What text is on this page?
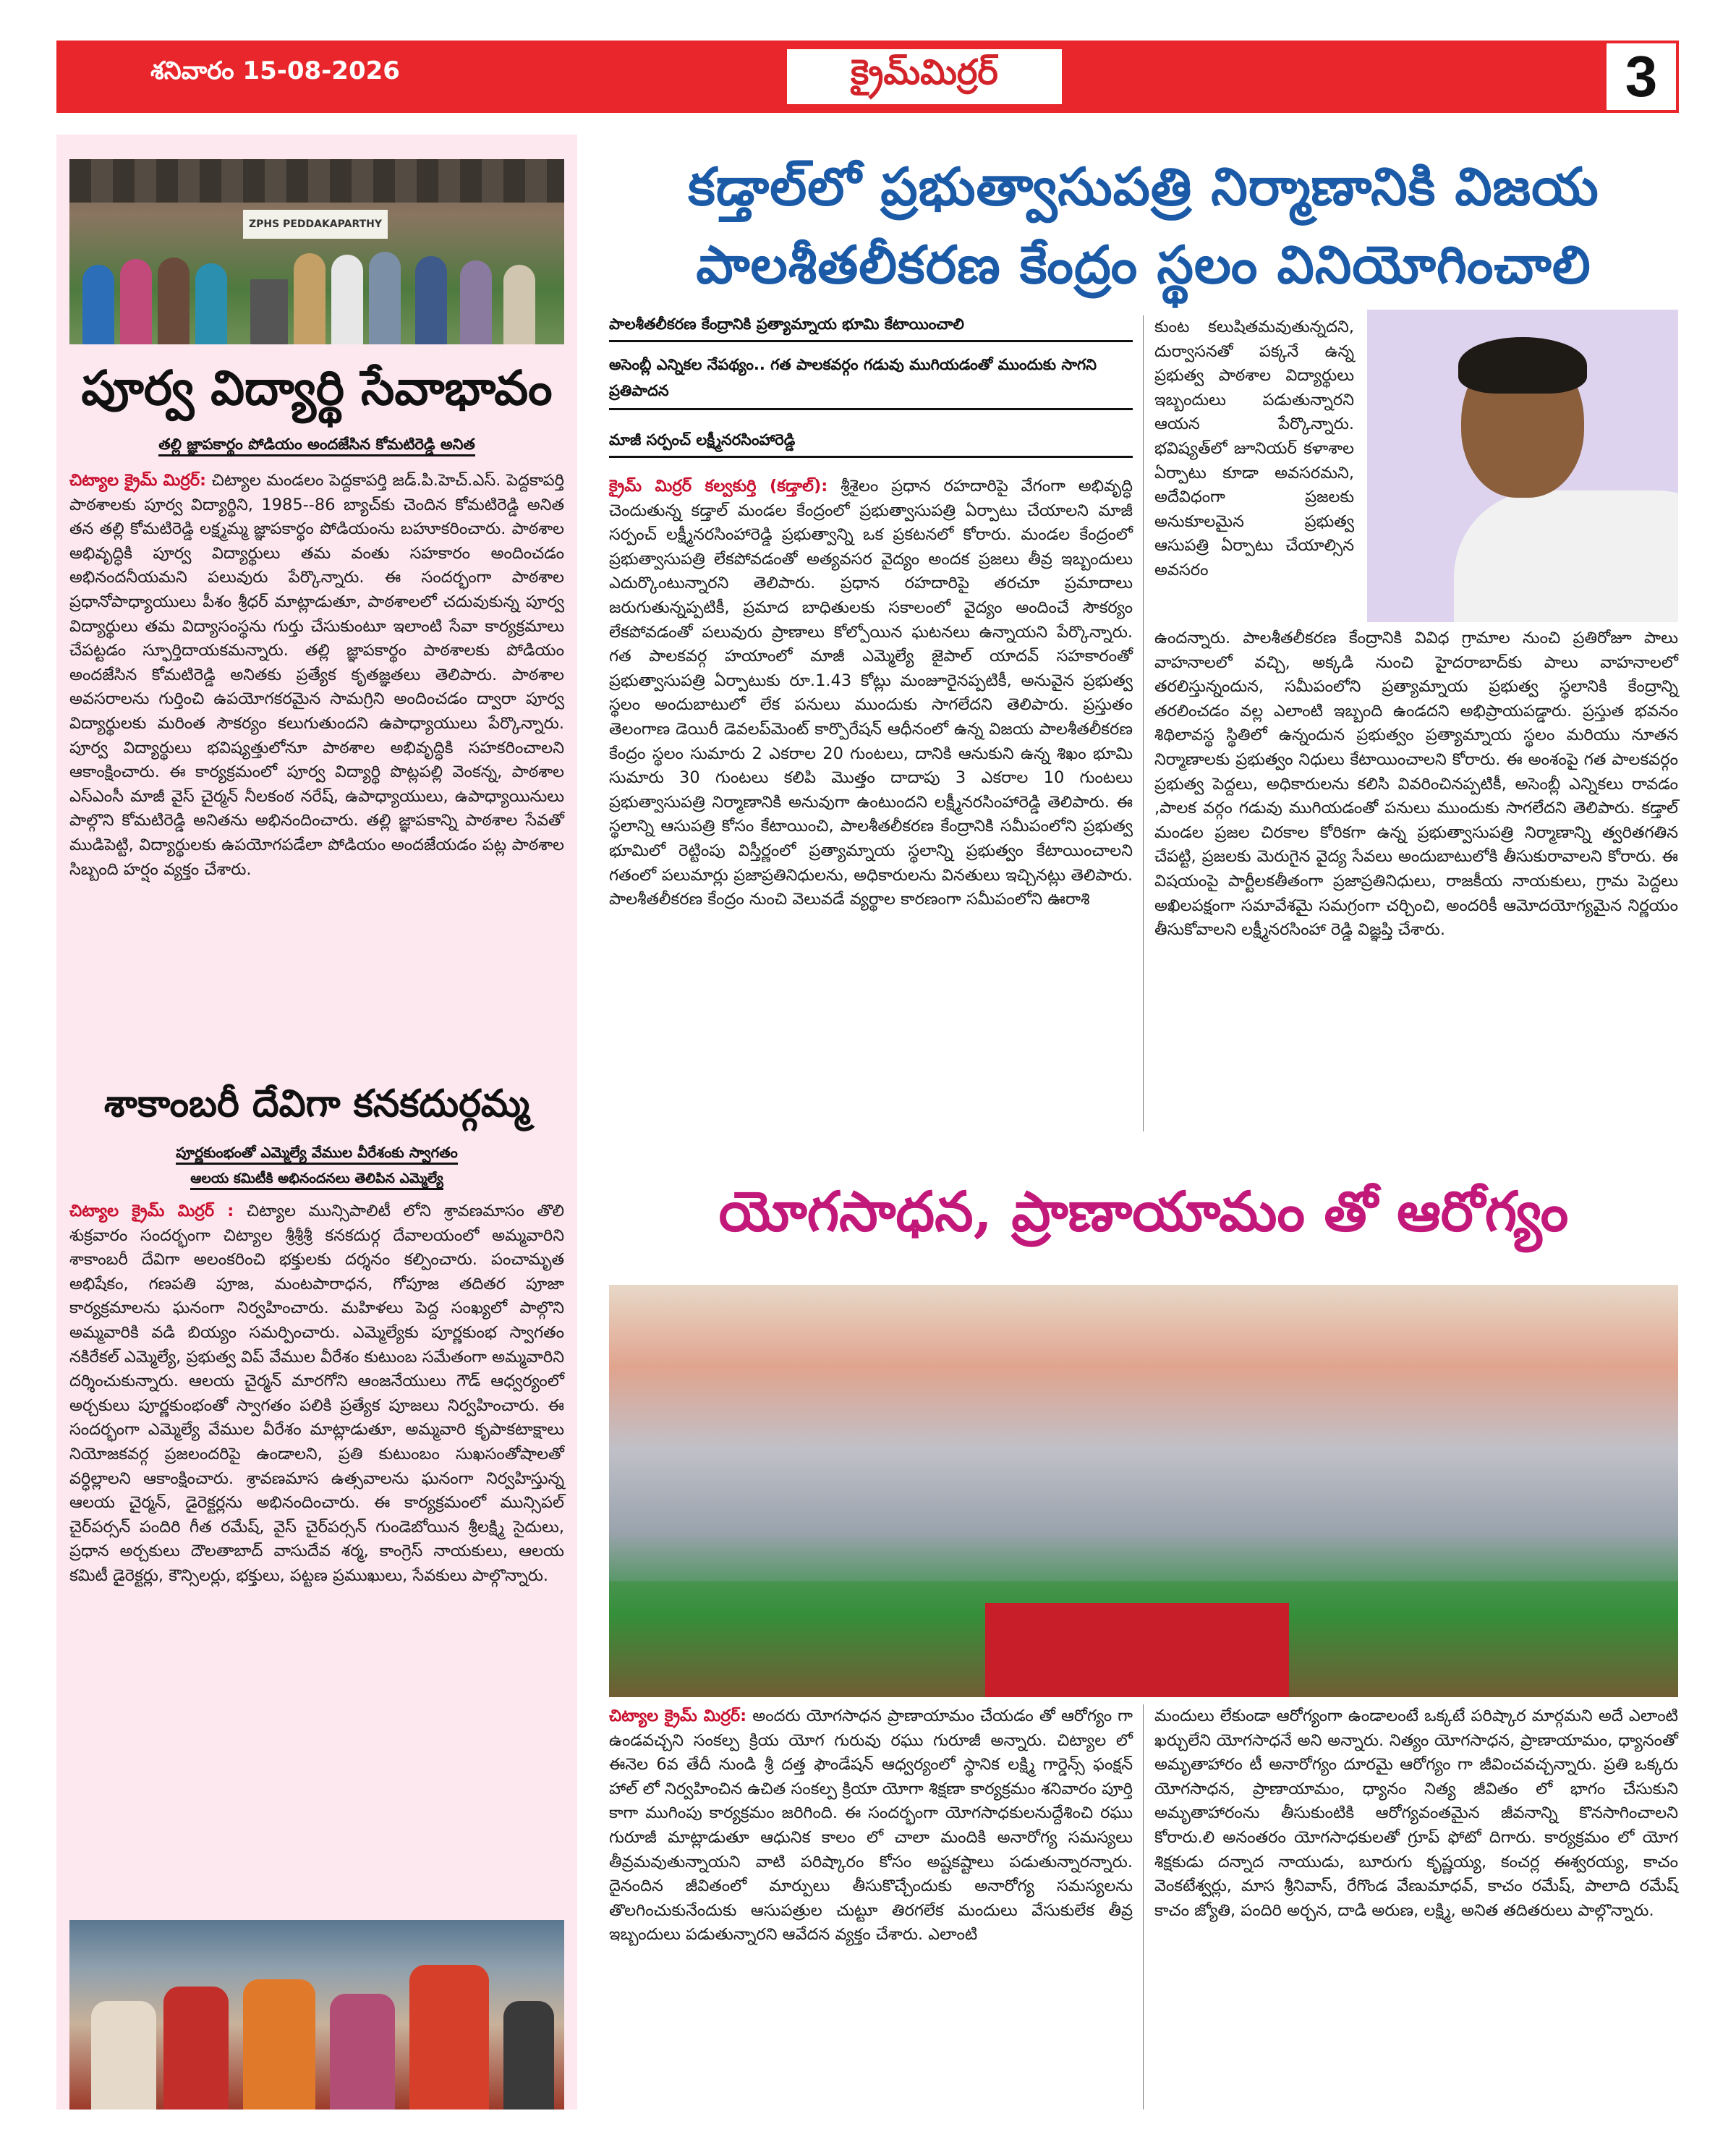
శనివారం 15-08-2026	క్రైమ్‌మిర్రర్	3
ZPHS PEDDAKAPARTHY
పూర్వ విద్యార్థి సేవాభావం
తల్లి జ్ఞాపకార్థం పోడియం అందజేసిన కోమటిరెడ్డి అనిత
చిట్యాల క్రైమ్ మిర్రర్: చిట్యాల మండలం పెద్దకాపర్తి జడ్.పి.హెచ్.ఎస్. పెద్దకాపర్తి పాఠశాలకు పూర్వ విద్యార్థిని, 1985--86 బ్యాచ్‌కు చెందిన కోమటిరెడ్డి అనిత తన తల్లి కోమటిరెడ్డి లక్ష్మమ్మ జ్ఞాపకార్థం పోడియంను బహూకరించారు. పాఠశాల అభివృద్ధికి పూర్వ విద్యార్థులు తమ వంతు సహకారం అందించడం అభినందనీయమని పలువురు పేర్కొన్నారు. ఈ సందర్భంగా పాఠశాల ప్రధానోపాధ్యాయులు పీశం శ్రీధర్ మాట్లాడుతూ, పాఠశాలలో చదువుకున్న పూర్వ విద్యార్థులు తమ విద్యాసంస్థను గుర్తు చేసుకుంటూ ఇలాంటి సేవా కార్యక్రమాలు చేపట్టడం స్ఫూర్తిదాయకమన్నారు. తల్లి జ్ఞాపకార్థం పాఠశాలకు పోడియం అందజేసిన కోమటిరెడ్డి అనితకు ప్రత్యేక కృతజ్ఞతలు తెలిపారు. పాఠశాల అవసరాలను గుర్తించి ఉపయోగకరమైన సామగ్రిని అందించడం ద్వారా పూర్వ విద్యార్థులకు మరింత సౌకర్యం కలుగుతుందని ఉపాధ్యాయులు పేర్కొన్నారు. పూర్వ విద్యార్థులు భవిష్యత్తులోనూ పాఠశాల అభివృద్ధికి సహకరించాలని ఆకాంక్షించారు. ఈ కార్యక్రమంలో పూర్వ విద్యార్థి పొట్లపల్లి వెంకన్న, పాఠశాల ఎస్ఎంసీ మాజీ వైస్ చైర్మన్ నీలకంఠ నరేష్, ఉపాధ్యాయులు, ఉపాధ్యాయినులు పాల్గొని కోమటిరెడ్డి అనితను అభినందించారు. తల్లి జ్ఞాపకాన్ని పాఠశాల సేవతో ముడిపెట్టి, విద్యార్థులకు ఉపయోగపడేలా పోడియం అందజేయడం పట్ల పాఠశాల సిబ్బంది హర్షం వ్యక్తం చేశారు.
శాకాంబరీ దేవిగా కనకదుర్గమ్మ
పూర్ణకుంభంతో ఎమ్మెల్యే వేముల వీరేశంకు స్వాగతం
ఆలయ కమిటీకి అభినందనలు తెలిపిన ఎమ్మెల్యే
చిట్యాల క్రైమ్ మిర్రర్ : చిట్యాల మున్సిపాలిటీ లోని శ్రావణమాసం తొలి శుక్రవారం సందర్భంగా చిట్యాల శ్రీశ్రీశ్రీ కనకదుర్గ దేవాలయంలో అమ్మవారిని శాకాంబరీ దేవిగా అలంకరించి భక్తులకు దర్శనం కల్పించారు. పంచామృత అభిషేకం, గణపతి పూజ, మంటపారాధన, గోపూజ తదితర పూజా కార్యక్రమాలను ఘనంగా నిర్వహించారు. మహిళలు పెద్ద సంఖ్యలో పాల్గొని అమ్మవారికి వడి బియ్యం సమర్పించారు. ఎమ్మెల్యేకు పూర్ణకుంభ స్వాగతం నకిరేకల్ ఎమ్మెల్యే, ప్రభుత్వ విప్ వేముల వీరేశం కుటుంబ సమేతంగా అమ్మవారిని దర్శించుకున్నారు. ఆలయ చైర్మన్ మారగోని ఆంజనేయులు గౌడ్ ఆధ్వర్యంలో అర్చకులు పూర్ణకుంభంతో స్వాగతం పలికి ప్రత్యేక పూజలు నిర్వహించారు. ఈ సందర్భంగా ఎమ్మెల్యే వేముల వీరేశం మాట్లాడుతూ, అమ్మవారి కృపాకటాక్షాలు నియోజకవర్గ ప్రజలందరిపై ఉండాలని, ప్రతి కుటుంబం సుఖసంతోషాలతో వర్ధిల్లాలని ఆకాంక్షించారు. శ్రావణమాస ఉత్సవాలను ఘనంగా నిర్వహిస్తున్న ఆలయ చైర్మన్, డైరెక్టర్లను అభినందించారు. ఈ కార్యక్రమంలో మున్సిపల్ చైర్‌పర్సన్ పందిరి గీత రమేష్, వైస్ చైర్‌పర్సన్ గుండెబోయిన శ్రీలక్ష్మి సైదులు, ప్రధాన అర్చకులు దౌలతాబాద్ వాసుదేవ శర్మ, కాంగ్రెస్ నాయకులు, ఆలయ కమిటీ డైరెక్టర్లు, కౌన్సిలర్లు, భక్తులు, పట్టణ ప్రముఖులు, సేవకులు పాల్గొన్నారు.
కడ్తాల్‌లో ప్రభుత్వాసుపత్రి నిర్మాణానికి విజయ
పాలశీతలీకరణ కేంద్రం స్థలం వినియోగించాలి
పాలశీతలీకరణ కేంద్రానికి ప్రత్యామ్నాయ భూమి కేటాయించాలి
అసెంబ్లీ ఎన్నికల నేపథ్యం.. గత పాలకవర్గం గడువు ముగియడంతో ముందుకు సాగని ప్రతిపాదన
మాజీ సర్పంచ్ లక్ష్మీనరసింహారెడ్డి
క్రైమ్ మిర్రర్ కల్వకుర్తి (కడ్తాల్): శ్రీశైలం ప్రధాన రహదారిపై వేగంగా అభివృద్ధి చెందుతున్న కడ్తాల్ మండల కేంద్రంలో ప్రభుత్వాసుపత్రి ఏర్పాటు చేయాలని మాజీ సర్పంచ్ లక్ష్మీనరసింహారెడ్డి ప్రభుత్వాన్ని ఒక ప్రకటనలో కోరారు. మండల కేంద్రంలో ప్రభుత్వాసుపత్రి లేకపోవడంతో అత్యవసర వైద్యం అందక ప్రజలు తీవ్ర ఇబ్బందులు ఎదుర్కొంటున్నారని తెలిపారు. ప్రధాన రహదారిపై తరచూ ప్రమాదాలు జరుగుతున్నప్పటికీ, ప్రమాద బాధితులకు సకాలంలో వైద్యం అందించే సౌకర్యం లేకపోవడంతో పలువురు ప్రాణాలు కోల్పోయిన ఘటనలు ఉన్నాయని పేర్కొన్నారు. గత పాలకవర్గ హయాంలో మాజీ ఎమ్మెల్యే జైపాల్ యాదవ్ సహకారంతో ప్రభుత్వాసుపత్రి ఏర్పాటుకు రూ.1.43 కోట్లు మంజూరైనప్పటికీ, అనువైన ప్రభుత్వ స్థలం అందుబాటులో లేక పనులు ముందుకు సాగలేదని తెలిపారు. ప్రస్తుతం తెలంగాణ డెయిరీ డెవలప్‌మెంట్ కార్పొరేషన్ ఆధీనంలో ఉన్న విజయ పాలశీతలీకరణ కేంద్రం స్థలం సుమారు 2 ఎకరాల 20 గుంటలు, దానికి ఆనుకుని ఉన్న శిఖం భూమి సుమారు 30 గుంటలు కలిపి మొత్తం దాదాపు 3 ఎకరాల 10 గుంటలు ప్రభుత్వాసుపత్రి నిర్మాణానికి అనువుగా ఉంటుందని లక్ష్మీనరసింహారెడ్డి తెలిపారు. ఈ స్థలాన్ని ఆసుపత్రి కోసం కేటాయించి, పాలశీతలీకరణ కేంద్రానికి సమీపంలోని ప్రభుత్వ భూమిలో రెట్టింపు విస్తీర్ణంలో ప్రత్యామ్నాయ స్థలాన్ని ప్రభుత్వం కేటాయించాలని గతంలో పలుమార్లు ప్రజాప్రతినిధులను, అధికారులను వినతులు ఇచ్చినట్లు తెలిపారు. పాలశీతలీకరణ కేంద్రం నుంచి వెలువడే వ్యర్థాల కారణంగా సమీపంలోని ఊరాశి
కుంట కలుషితమవుతున్నదని, దుర్వాసనతో పక్కనే ఉన్న ప్రభుత్వ పాఠశాల విద్యార్థులు ఇబ్బందులు పడుతున్నారని ఆయన పేర్కొన్నారు. భవిష్యత్‌లో జూనియర్ కళాశాల ఏర్పాటు కూడా అవసరమని, అదేవిధంగా ప్రజలకు అనుకూలమైన ప్రభుత్వ ఆసుపత్రి ఏర్పాటు చేయాల్సిన అవసరం
ఉందన్నారు. పాలశీతలీకరణ కేంద్రానికి వివిధ గ్రామాల నుంచి ప్రతిరోజూ పాలు వాహనాలలో వచ్చి, అక్కడి నుంచి హైదరాబాద్‌కు పాలు వాహనాలలో తరలిస్తున్నందున, సమీపంలోని ప్రత్యామ్నాయ ప్రభుత్వ స్థలానికి కేంద్రాన్ని తరలించడం వల్ల ఎలాంటి ఇబ్బంది ఉండదని అభిప్రాయపడ్డారు. ప్రస్తుత భవనం శిథిలావస్థ స్థితిలో ఉన్నందున ప్రభుత్వం ప్రత్యామ్నాయ స్థలం మరియు నూతన నిర్మాణాలకు ప్రభుత్వం నిధులు కేటాయించాలని కోరారు. ఈ అంశంపై గత పాలకవర్గం ప్రభుత్వ పెద్దలు, అధికారులను కలిసి వివరించినప్పటికీ, అసెంబ్లీ ఎన్నికలు రావడం ,పాలక వర్గం గడువు ముగియడంతో పనులు ముందుకు సాగలేదని తెలిపారు. కడ్తాల్ మండల ప్రజల చిరకాల కోరికగా ఉన్న ప్రభుత్వాసుపత్రి నిర్మాణాన్ని త్వరితగతిన చేపట్టి, ప్రజలకు మెరుగైన వైద్య సేవలు అందుబాటులోకి తీసుకురావాలని కోరారు. ఈ విషయంపై పార్టీలకతీతంగా ప్రజాప్రతినిధులు, రాజకీయ నాయకులు, గ్రామ పెద్దలు అఖిలపక్షంగా సమావేశమై సమగ్రంగా చర్చించి, అందరికీ ఆమోదయోగ్యమైన నిర్ణయం తీసుకోవాలని లక్ష్మీనరసింహా రెడ్డి విజ్ఞప్తి చేశారు.
యోగసాధన, ప్రాణాయామం తో ఆరోగ్యం
చిట్యాల క్రైమ్ మిర్రర్: అందరు యోగసాధన ప్రాణాయామం చేయడం తో ఆరోగ్యం గా ఉండవచ్చని సంకల్ప క్రియ యోగ గురువు రఘు గురూజీ అన్నారు. చిట్యాల లో ఈనెల 6వ తేదీ నుండి శ్రీ దత్త ఫౌండేషన్ ఆధ్వర్యంలో స్థానిక లక్ష్మి గార్డెన్స్ ఫంక్షన్ హాల్ లో నిర్వహించిన ఉచిత సంకల్ప క్రియా యోగా శిక్షణా కార్యక్రమం శనివారం పూర్తి కాగా ముగింపు కార్యక్రమం జరిగింది. ఈ సందర్భంగా యోగసాధకులనుద్దేశించి రఘు గురూజీ మాట్లాడుతూ ఆధునిక కాలం లో చాలా మందికి అనారోగ్య సమస్యలు తీవ్రమవుతున్నాయని వాటి పరిష్కారం కోసం అష్టకష్టాలు పడుతున్నారన్నారు. దైనందిన జీవితంలో మార్పులు తీసుకొచ్చేందుకు అనారోగ్య సమస్యలను తొలగించుకునేందుకు ఆసుపత్రుల చుట్టూ తిరగలేక మందులు వేసుకులేక తీవ్ర ఇబ్బందులు పడుతున్నారని ఆవేదన వ్యక్తం చేశారు. ఎలాంటి
మందులు లేకుండా ఆరోగ్యంగా ఉండాలంటే ఒక్కటే పరిష్కార మార్గమని అదే ఎలాంటి ఖర్చులేని యోగసాధనే అని అన్నారు. నిత్యం యోగసాధన, ప్రాణాయామం, ధ్యానంతో అమృతాహారం టీ అనారోగ్యం దూరమై ఆరోగ్యం గా జీవించవచ్చన్నారు. ప్రతి ఒక్కరు యోగసాధన, ప్రాణాయామం, ధ్యానం నిత్య జీవితం లో భాగం చేసుకుని అమృతాహారంను తీసుకుంటికి ఆరోగ్యవంతమైన జీవనాన్ని కొనసాగించాలని కోరారు.లి అనంతరం యోగసాధకులతో గ్రూప్ ఫోటో దిగారు. కార్యక్రమం లో యోగ శిక్షకుడు దన్నాద నాయుడు, బూరుగు కృష్ణయ్య, కంచర్ల ఈశ్వరయ్య, కాచం వెంకటేశ్వర్లు, మాస శ్రీనివాస్, రేగొండ వేణుమాధవ్, కాచం రమేష్, పాలాది రమేష్ కాచం జ్యోతి, పందిరి అర్చన, దాడి అరుణ, లక్ష్మి, అనిత తదితరులు పాల్గొన్నారు.
